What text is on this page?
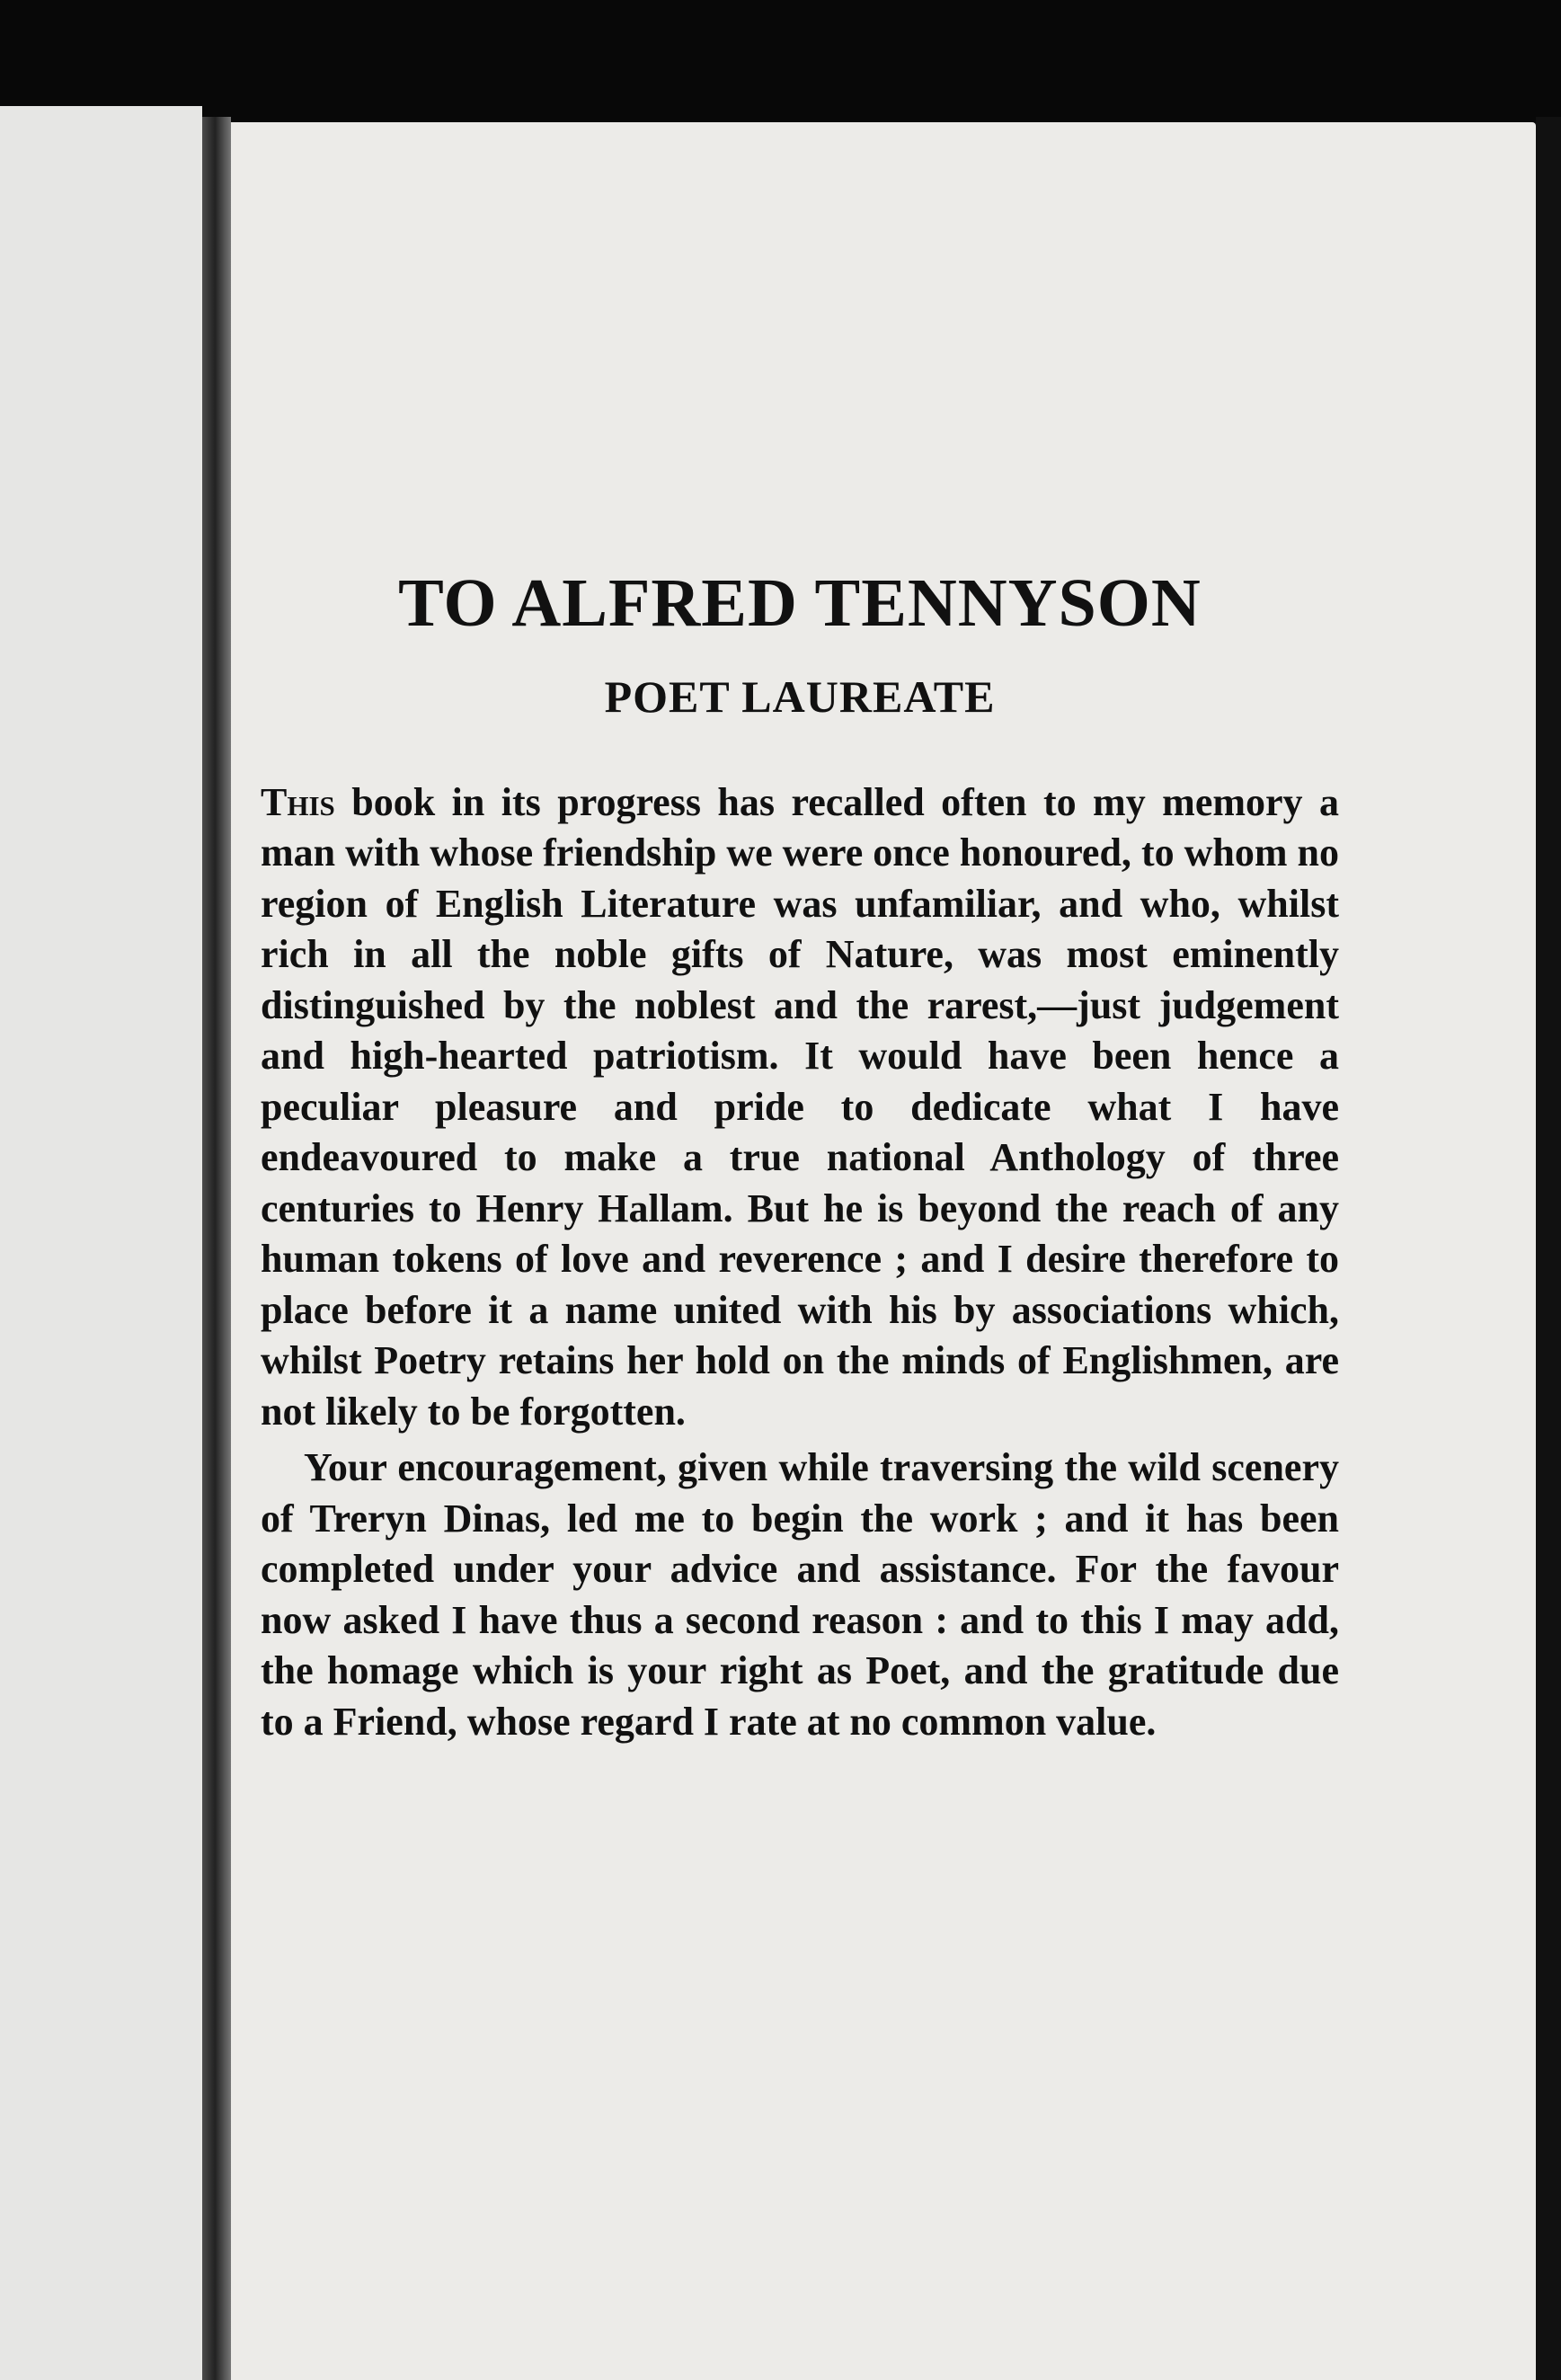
TO ALFRED TENNYSON
POET LAUREATE

This book in its progress has recalled often to my memory a man with whose friendship we were once honoured, to whom no region of English Literature was unfamiliar, and who, whilst rich in all the noble gifts of Nature, was most eminently distinguished by the noblest and the rarest,—just judgement and high-hearted patriotism. It would have been hence a peculiar pleasure and pride to dedicate what I have endeavoured to make a true national Anthology of three centuries to Henry Hallam. But he is beyond the reach of any human tokens of love and reverence ; and I desire therefore to place before it a name united with his by associations which, whilst Poetry retains her hold on the minds of Englishmen, are not likely to be forgotten.

Your encouragement, given while traversing the wild scenery of Treryn Dinas, led me to begin the work ; and it has been completed under your advice and assistance. For the favour now asked I have thus a second reason : and to this I may add, the homage which is your right as Poet, and the gratitude due to a Friend, whose regard I rate at no common value.
